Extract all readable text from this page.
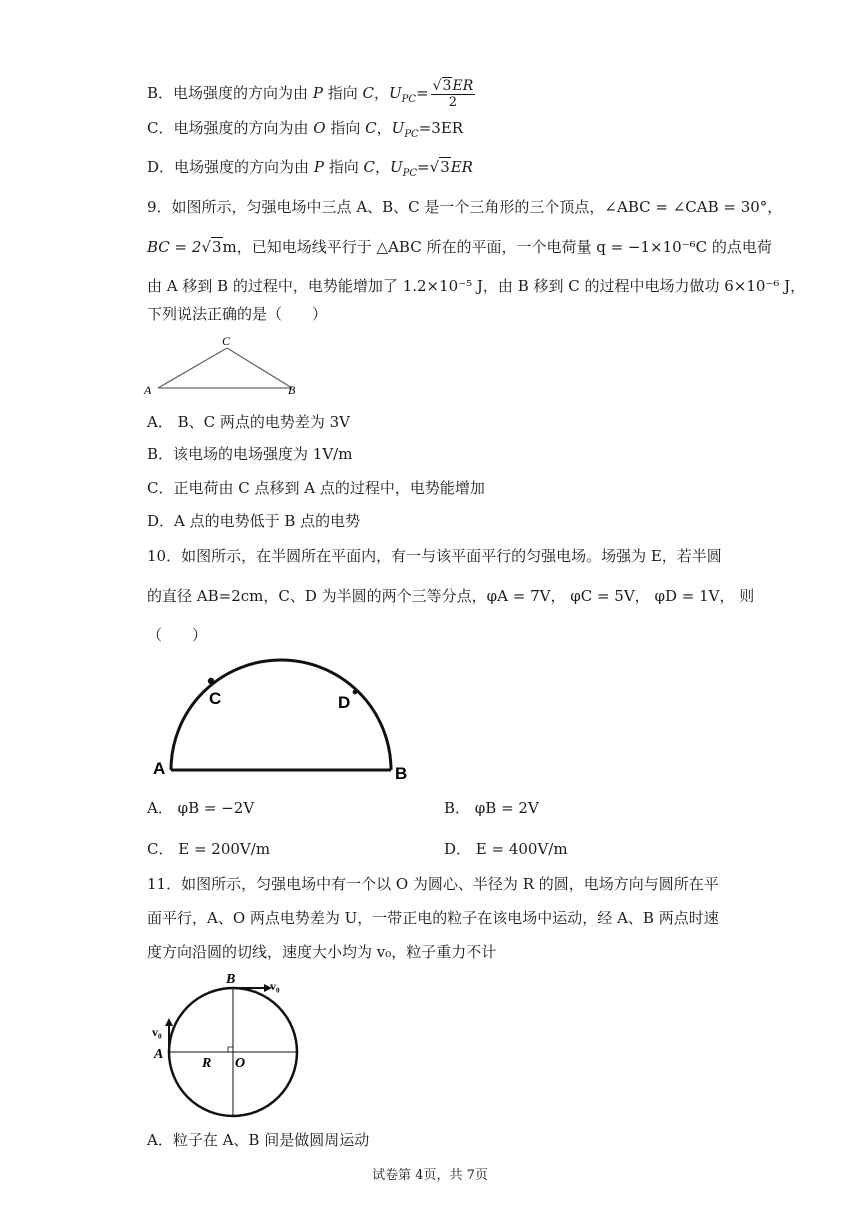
B．电场强度的方向为由 P 指向 C，$U_{PC}= \frac{√3ER}{2}$
C．电场强度的方向为由 O 指向 C，$U_{PC}=3ER$
D．电场强度的方向为由 P 指向 C，$U_{PC}=√3ER$
9．如图所示，匀强电场中三点 A、B、C 是一个三角形的三个顶点，∠ABC = ∠CAB = 30°，
BC = 2√3m，已知电场线平行于 △ABC 所在的平面，一个电荷量 q = −1×10⁻⁶C 的点电荷
由 A 移到 B 的过程中，电势能增加了 1.2×10⁻⁵ J，由 B 移到 C 的过程中电场力做功 6×10⁻⁶ J，
下列说法正确的是（　　）
C
A	B
A． B、C 两点的电势差为 3V
B．该电场的电场强度为 1V/m
C．正电荷由 C 点移到 A 点的过程中，电势能增加
D．A 点的电势低于 B 点的电势
10．如图所示，在半圆所在平面内，有一与该平面平行的匀强电场。场强为 E，若半圆
的直径 AB=2cm，C、D 为半圆的两个三等分点，φA = 7V， φC = 5V， φD = 1V， 则
（　　）
C	D
A	B
A． φB = −2V	B． φB = 2V
C． E = 200V/m	D． E = 400V/m
11．如图所示，匀强电场中有一个以 O 为圆心、半径为 R 的圆，电场方向与圆所在平
面平行，A、O 两点电势差为 U，一带正电的粒子在该电场中运动，经 A、B 两点时速
度方向沿圆的切线，速度大小均为 v₀，粒子重力不计
B	v₀
v₀
A
R O
A．粒子在 A、B 间是做圆周运动
试卷第 4页，共 7页
